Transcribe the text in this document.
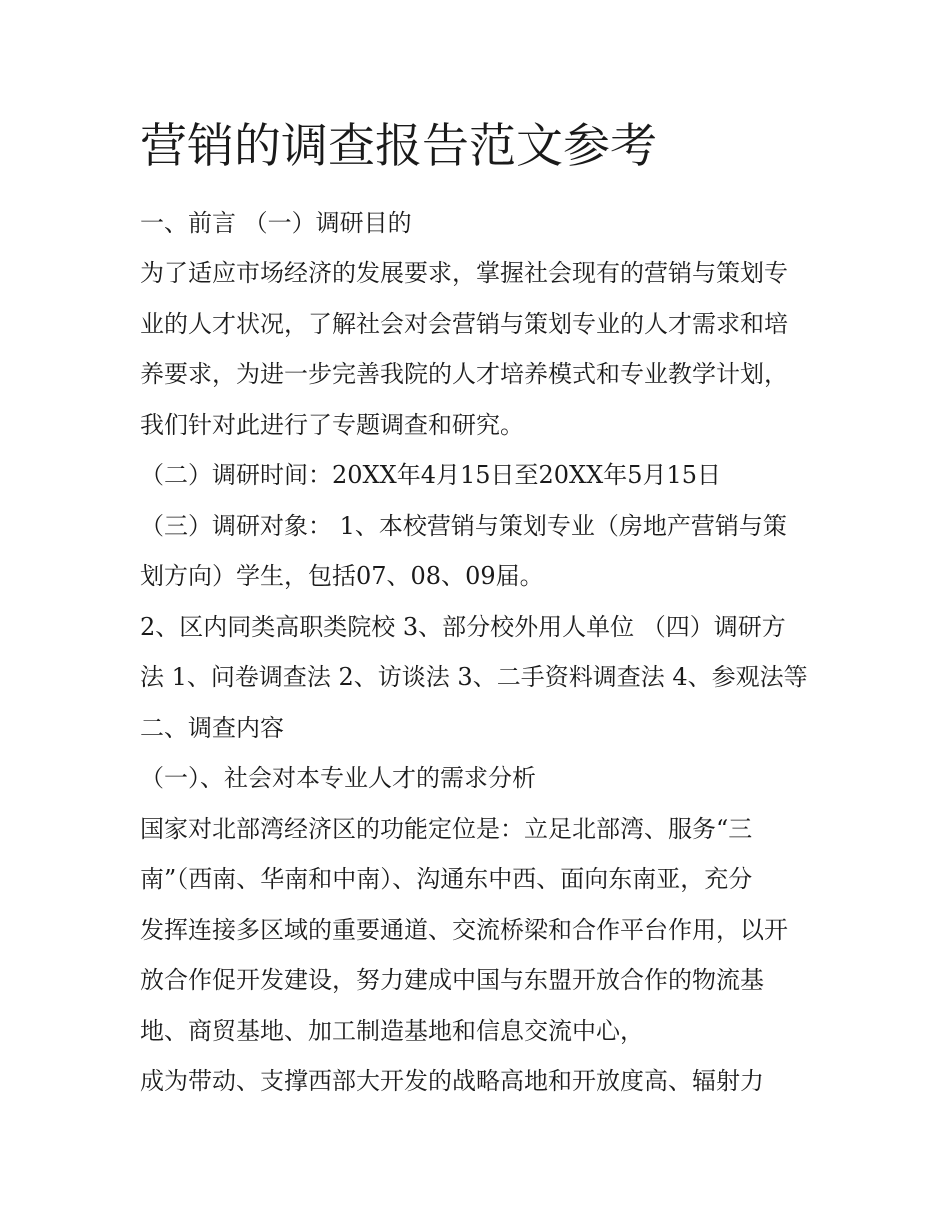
营销的调查报告范文参考
一、前言 （一）调研目的
为了适应市场经济的发展要求，掌握社会现有的营销与策划专
业的人才状况，了解社会对会营销与策划专业的人才需求和培
养要求，为进一步完善我院的人才培养模式和专业教学计划，
我们针对此进行了专题调查和研究。
（二）调研时间：20XX年4月15日至20XX年5月15日
（三）调研对象： 1、本校营销与策划专业（房地产营销与策
划方向）学生，包括07、08、09届。
2、区内同类高职类院校 3、部分校外用人单位 （四）调研方
法 1、问卷调查法 2、访谈法 3、二手资料调查法 4、参观法等
二、调查内容
（一）、社会对本专业人才的需求分析
国家对北部湾经济区的功能定位是：立足北部湾、服务“三
南”（西南、华南和中南）、沟通东中西、面向东南亚，充分
发挥连接多区域的重要通道、交流桥梁和合作平台作用，以开
放合作促开发建设，努力建成中国与东盟开放合作的物流基
地、商贸基地、加工制造基地和信息交流中心，
成为带动、支撑西部大开发的战略高地和开放度高、辐射力
